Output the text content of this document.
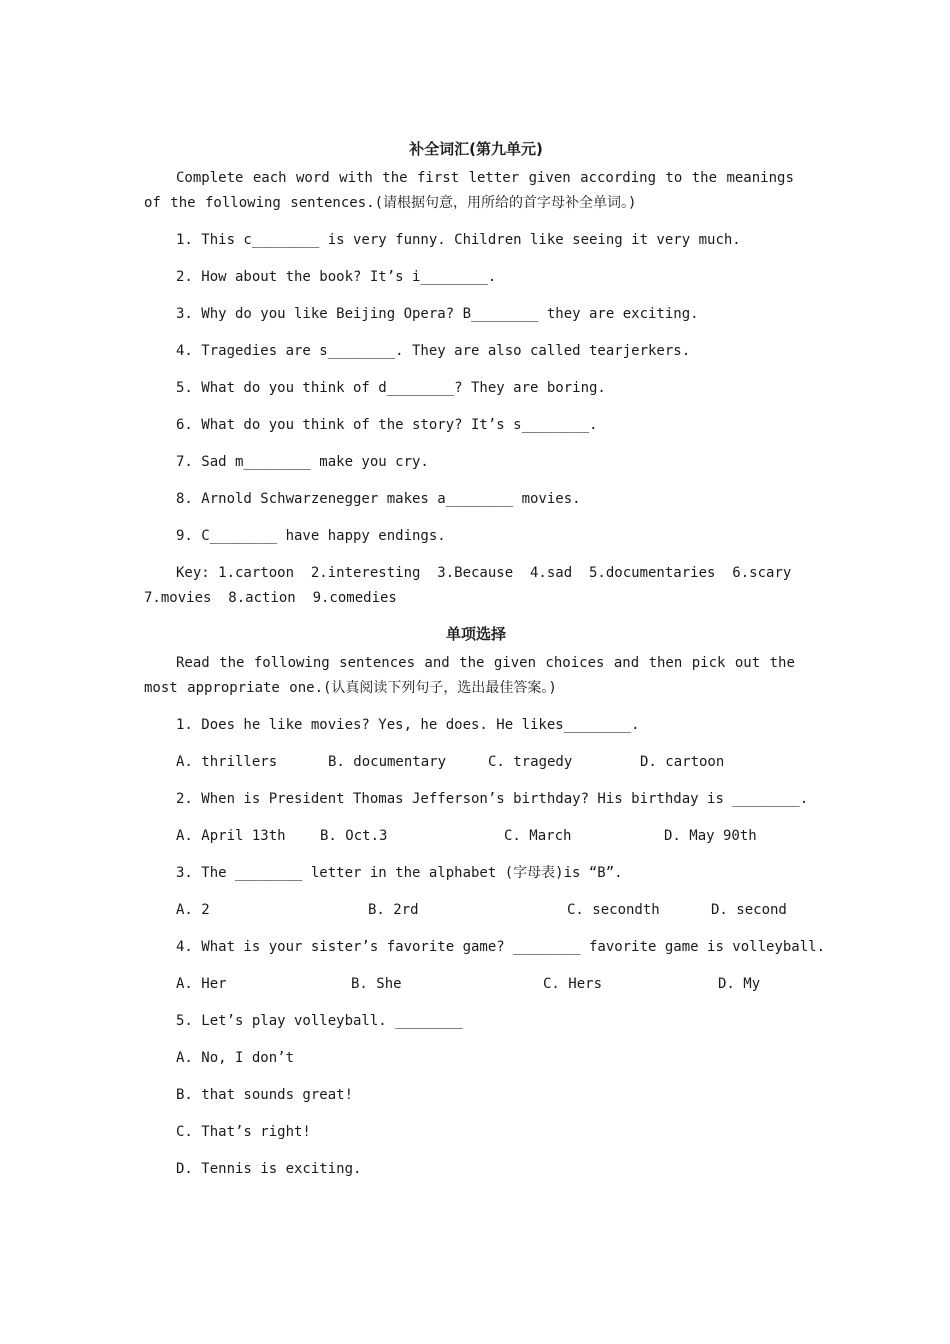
补全词汇(第九单元)
Complete each word with the first letter given according to the meanings of the following sentences.(请根据句意，用所给的首字母补全单词。)
1. This c________ is very funny. Children like seeing it very much.
2. How about the book? It’s i________.
3. Why do you like Beijing Opera? B________ they are exciting.
4. Tragedies are s________. They are also called tearjerkers.
5. What do you think of d________? They are boring.
6. What do you think of the story? It’s s________.
7. Sad m________ make you cry.
8. Arnold Schwarzenegger makes a________ movies.
9. C________ have happy endings.
Key: 1.cartoon  2.interesting  3.Because  4.sad  5.documentaries  6.scary
7.movies  8.action  9.comedies
单项选择
Read the following sentences and the given choices and then pick out the most appropriate one.(认真阅读下列句子，选出最佳答案。)
1. Does he like movies? Yes, he does. He likes________.
A. thrillers	B. documentary	C. tragedy	D. cartoon
2. When is President Thomas Jefferson’s birthday? His birthday is ________.
A. April 13th	B. Oct.3	C. March	D. May 90th
3. The ________ letter in the alphabet (字母表)is “B”.
A. 2	B. 2rd	C. secondth	D. second
4. What is your sister’s favorite game? ________ favorite game is volleyball.
A. Her	B. She	C. Hers	D. My
5. Let’s play volleyball. ________
A. No, I don’t
B. that sounds great!
C. That’s right!
D. Tennis is exciting.
